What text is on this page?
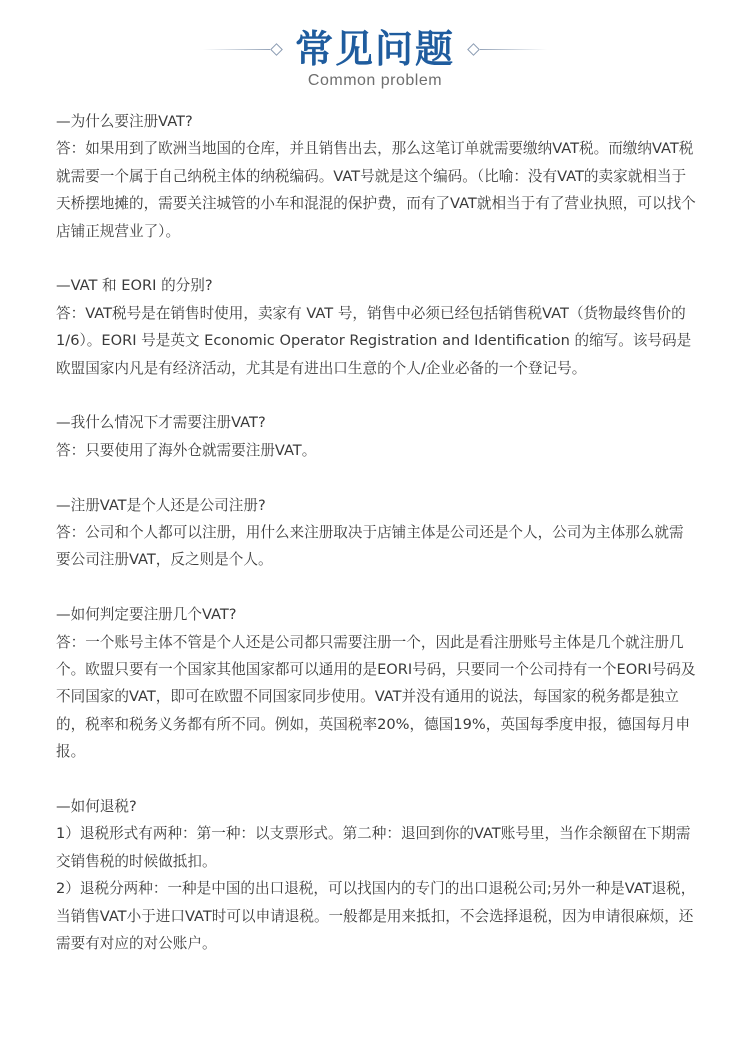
常见问题
Common problem

—为什么要注册VAT?

答：如果用到了欧洲当地国的仓库，并且销售出去，那么这笔订单就需要缴纳VAT税。而缴纳VAT税就需要一个属于自己纳税主体的纳税编码。VAT号就是这个编码。（比喻：没有VAT的卖家就相当于天桥摆地摊的，需要关注城管的小车和混混的保护费，而有了VAT就相当于有了营业执照，可以找个店铺正规营业了）。

—VAT 和 EORI 的分别?

答：VAT税号是在销售时使用，卖家有 VAT 号，销售中必须已经包括销售税VAT（货物最终售价的 1/6）。EORI 号是英文 Economic Operator Registration and Identification 的缩写。该号码是欧盟国家内凡是有经济活动，尤其是有进出口生意的个人/企业必备的一个登记号。

—我什么情况下才需要注册VAT?

答：只要使用了海外仓就需要注册VAT。

—注册VAT是个人还是公司注册?

答：公司和个人都可以注册，用什么来注册取决于店铺主体是公司还是个人，公司为主体那么就需要公司注册VAT，反之则是个人。

—如何判定要注册几个VAT?

答：一个账号主体不管是个人还是公司都只需要注册一个，因此是看注册账号主体是几个就注册几个。欧盟只要有一个国家其他国家都可以通用的是EORI号码，只要同一个公司持有一个EORI号码及不同国家的VAT，即可在欧盟不同国家同步使用。VAT并没有通用的说法，每国家的税务都是独立的，税率和税务义务都有所不同。例如，英国税率20%，德国19%，英国每季度申报，德国每月申报。

—如何退税?

1）退税形式有两种：第一种：以支票形式。第二种：退回到你的VAT账号里，当作余额留在下期需交销售税的时候做抵扣。

2）退税分两种：一种是中国的出口退税，可以找国内的专门的出口退税公司;另外一种是VAT退税，当销售VAT小于进口VAT时可以申请退税。一般都是用来抵扣，不会选择退税，因为申请很麻烦，还需要有对应的对公账户。
